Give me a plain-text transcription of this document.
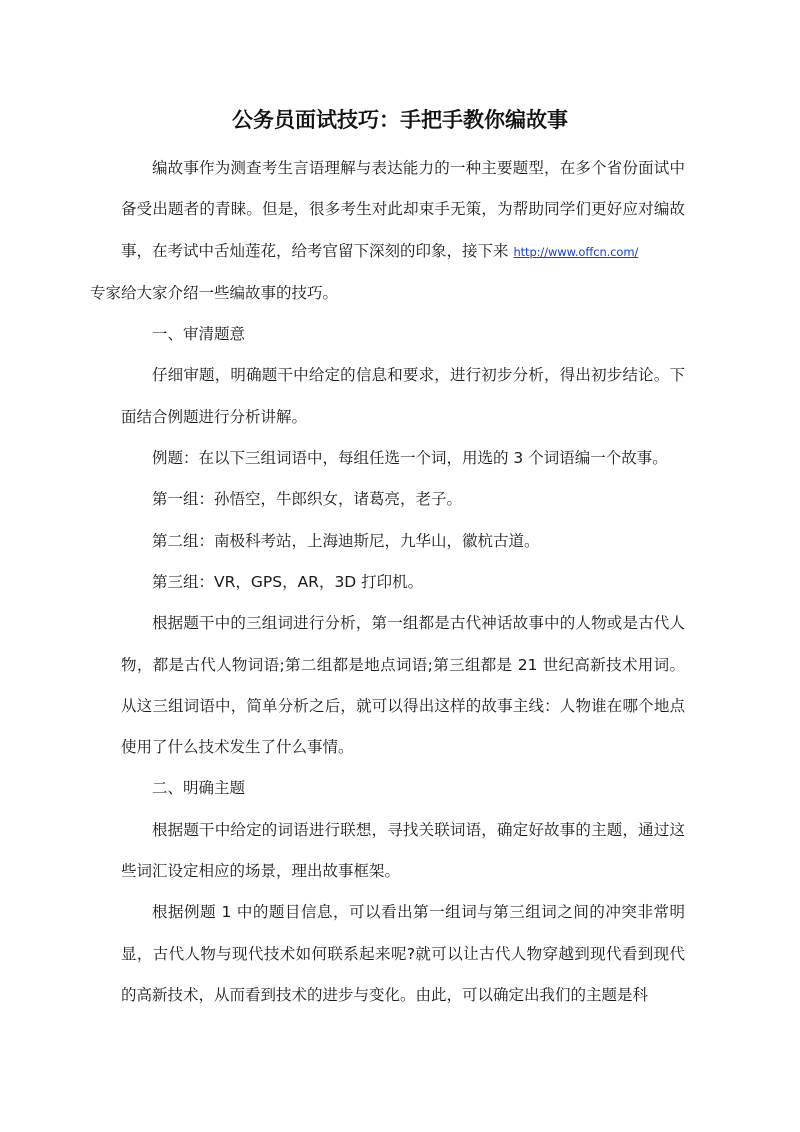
公务员面试技巧：手把手教你编故事

编故事作为测查考生言语理解与表达能力的一种主要题型，在多个省份面试中备受出题者的青睐。但是，很多考生对此却束手无策，为帮助同学们更好应对编故事，在考试中舌灿莲花，给考官留下深刻的印象，接下来 http://www.offcn.com/
专家给大家介绍一些编故事的技巧。

一、审清题意

仔细审题，明确题干中给定的信息和要求，进行初步分析，得出初步结论。下面结合例题进行分析讲解。

例题：在以下三组词语中，每组任选一个词，用选的 3 个词语编一个故事。

第一组：孙悟空，牛郎织女，诸葛亮，老子。

第二组：南极科考站，上海迪斯尼，九华山，徽杭古道。

第三组：VR，GPS，AR，3D 打印机。

根据题干中的三组词进行分析，第一组都是古代神话故事中的人物或是古代人物，都是古代人物词语;第二组都是地点词语;第三组都是 21 世纪高新技术用词。从这三组词语中，简单分析之后，就可以得出这样的故事主线：人物谁在哪个地点使用了什么技术发生了什么事情。

二、明确主题

根据题干中给定的词语进行联想，寻找关联词语，确定好故事的主题，通过这些词汇设定相应的场景，理出故事框架。

根据例题 1 中的题目信息，可以看出第一组词与第三组词之间的冲突非常明显，古代人物与现代技术如何联系起来呢?就可以让古代人物穿越到现代看到现代的高新技术，从而看到技术的进步与变化。由此，可以确定出我们的主题是科
